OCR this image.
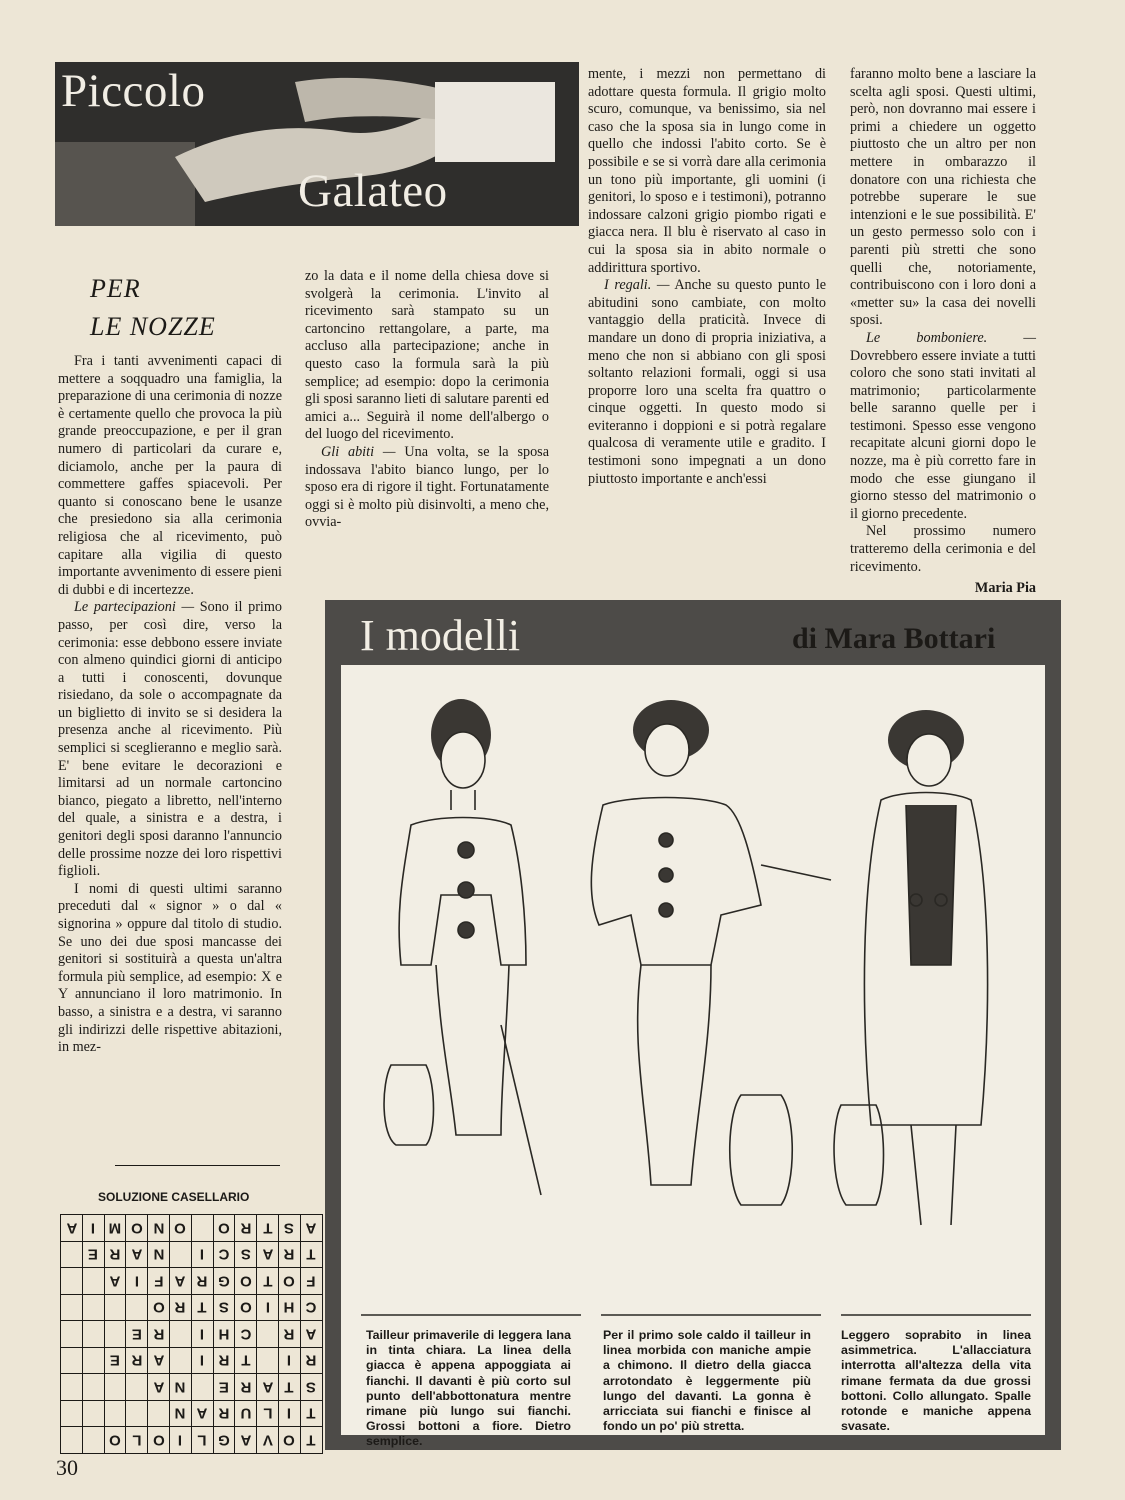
Piccolo
Galateo
PER
LE NOZZE

Fra i tanti avvenimenti capaci di mettere a soqquadro una famiglia, la preparazione di una cerimonia di nozze è certamente quello che provoca la più grande preoccupazione, e per il gran numero di particolari da curare e, diciamolo, anche per la paura di commettere gaffes spiacevoli. Per quanto si conoscano bene le usanze che presiedono sia alla cerimonia religiosa che al ricevimento, può capitare alla vigilia di questo importante avvenimento di essere pieni di dubbi e di incertezze.

Le partecipazioni — Sono il primo passo, per così dire, verso la cerimonia: esse debbono essere inviate con almeno quindici giorni di anticipo a tutti i conoscenti, dovunque risiedano, da sole o accompagnate da un biglietto di invito se si desidera la presenza anche al ricevimento. Più semplici si sceglieranno e meglio sarà. E' bene evitare le decorazioni e limitarsi ad un normale cartoncino bianco, piegato a libretto, nell'interno del quale, a sinistra e a destra, i genitori degli sposi daranno l'annuncio delle prossime nozze dei loro rispettivi figlioli.

I nomi di questi ultimi saranno preceduti dal « signor » o dal « signorina » oppure dal titolo di studio. Se uno dei due sposi mancasse dei genitori si sostituirà a questa un'altra formula più semplice, ad esempio: X e Y annunciano il loro matrimonio. In basso, a sinistra e a destra, vi saranno gli indirizzi delle rispettive abitazioni, in mez-

zo la data e il nome della chiesa dove si svolgerà la cerimonia. L'invito al ricevimento sarà stampato su un cartoncino rettangolare, a parte, ma accluso alla partecipazione; anche in questo caso la formula sarà la più semplice; ad esempio: dopo la cerimonia gli sposi saranno lieti di salutare parenti ed amici a... Seguirà il nome dell'albergo o del luogo del ricevimento.

Gli abiti — Una volta, se la sposa indossava l'abito bianco lungo, per lo sposo era di rigore il tight. Fortunatamente oggi si è molto più disinvolti, a meno che, ovvia-

mente, i mezzi non permettano di adottare questa formula. Il grigio molto scuro, comunque, va benissimo, sia nel caso che la sposa sia in lungo come in quello che indossi l'abito corto. Se è possibile e se si vorrà dare alla cerimonia un tono più importante, gli uomini (i genitori, lo sposo e i testimoni), potranno indossare calzoni grigio piombo rigati e giacca nera. Il blu è riservato al caso in cui la sposa sia in abito normale o addirittura sportivo.

I regali. — Anche su questo punto le abitudini sono cambiate, con molto vantaggio della praticità. Invece di mandare un dono di propria iniziativa, a meno che non si abbiano con gli sposi soltanto relazioni formali, oggi si usa proporre loro una scelta fra quattro o cinque oggetti. In questo modo si eviteranno i doppioni e si potrà regalare qualcosa di veramente utile e gradito. I testimoni sono impegnati a un dono piuttosto importante e anch'essi

faranno molto bene a lasciare la scelta agli sposi. Questi ultimi, però, non dovranno mai essere i primi a chiedere un oggetto piuttosto che un altro per non mettere in ombarazzo il donatore con una richiesta che potrebbe superare le sue intenzioni e le sue possibilità. E' un gesto permesso solo con i parenti più stretti che sono quelli che, notoriamente, contribuiscono con i loro doni a «metter su» la casa dei novelli sposi.

Le bomboniere. — Dovrebbero essere inviate a tutti coloro che sono stati invitati al matrimonio; particolarmente belle saranno quelle per i testimoni. Spesso esse vengono recapitate alcuni giorni dopo le nozze, ma è più corretto fare in modo che esse giungano il giorno stesso del matrimonio o il giorno precedente.

Nel prossimo numero tratteremo della cerimonia e del ricevimento.

Maria Pia
I modelli	di Mara Bottari
Tailleur primaverile di leggera lana in tinta chiara. La linea della giacca è appena appoggiata ai fianchi. Il davanti è più corto sul punto dell'abbottonatura mentre rimane più lungo sui fianchi. Grossi bottoni a fiore. Dietro semplice.
Per il primo sole caldo il tailleur in linea morbida con maniche ampie a chimono. Il dietro della giacca arrotondato è leggermente più lungo del davanti. La gonna è arricciata sui fianchi e finisce al fondo un po' più stretta.
Leggero soprabito in linea asimmetrica. L'allacciatura interrotta all'altezza della vita rimane fermata da due grossi bottoni. Collo allungato. Spalle rotonde e maniche appena svasate.
SOLUZIONE CASELLARIO
A	I	M	O	N	O		O	R	T	S	A
	E	R	A	N		I	C	S	A	R	T
		A	I	F	A	R	G	O	T	O	F
				O	R	T	S	O	I	H	C
			E	R		I	H	C		R	A
		E	R	A		I	R	T		I	R
				A	N		E	R	A	T	S
					N	A	R	U	L	I	T
		O	L	O	I	L	G	A	V	O	T
30
